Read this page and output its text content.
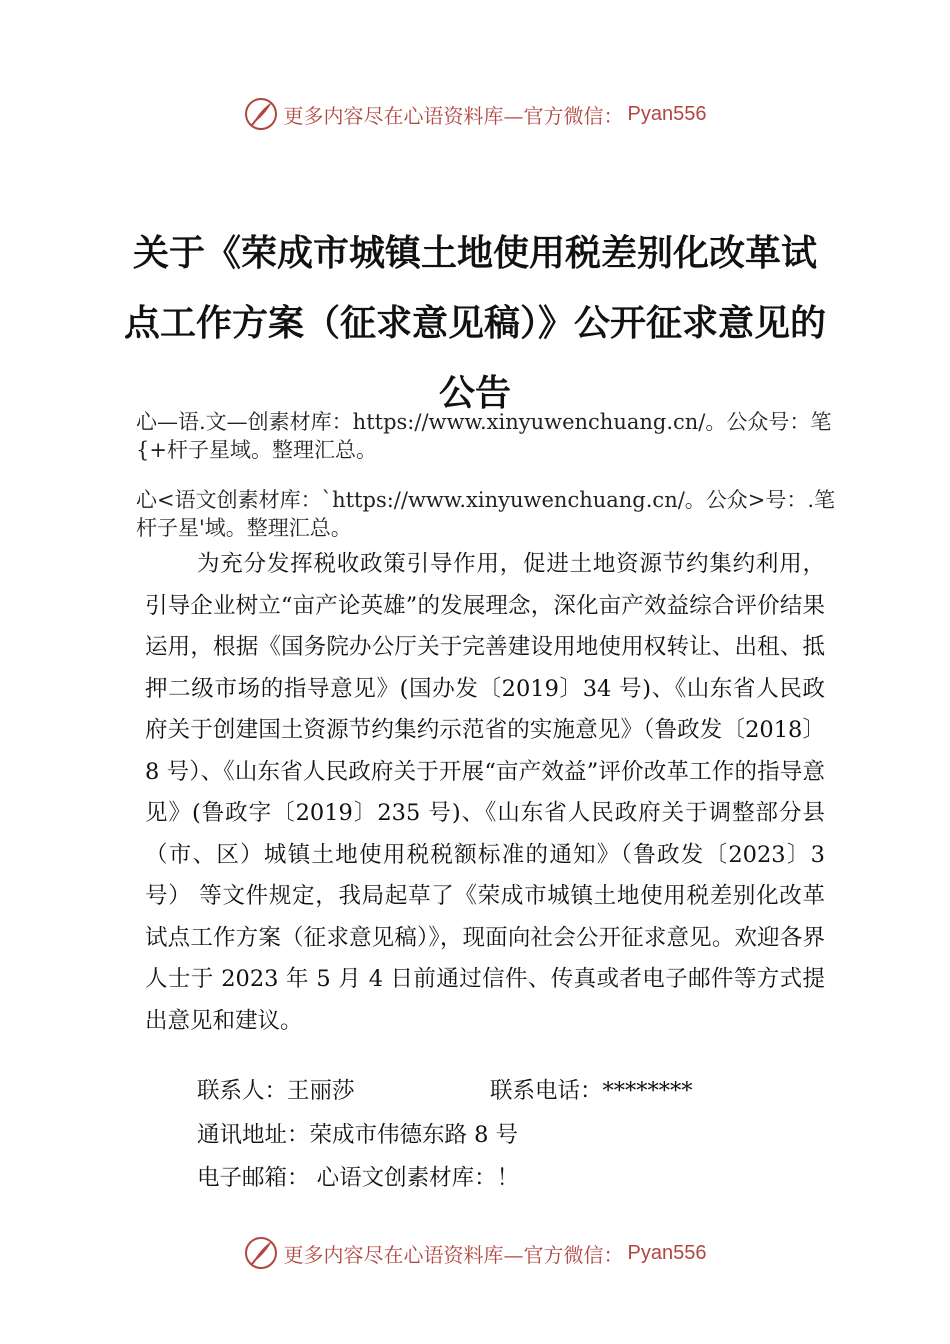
更多内容尽在心语资料库—官方微信： Pyan556
关于《荣成市城镇土地使用税差别化改革试点工作方案（征求意见稿）》公开征求意见的公告

心—语.文—创素材库：https://www.xinyuwenchuang.cn/。公众号：笔{+杆子星域。整理汇总。

心<语文创素材库：`https://www.xinyuwenchuang.cn/。公众>号：.笔杆子星'域。整理汇总。

为充分发挥税收政策引导作用，促进土地资源节约集约利用，引导企业树立“亩产论英雄”的发展理念，深化亩产效益综合评价结果运用，根据《国务院办公厅关于完善建设用地使用权转让、出租、抵押二级市场的指导意见》(国办发〔2019〕34 号)、《山东省人民政府关于创建国土资源节约集约示范省的实施意见》（鲁政发〔2018〕8 号）、《山东省人民政府关于开展“亩产效益”评价改革工作的指导意见》(鲁政字〔2019〕235 号)、《山东省人民政府关于调整部分县（市、区）城镇土地使用税税额标准的通知》（鲁政发〔2023〕3 号） 等文件规定，我局起草了《荣成市城镇土地使用税差别化改革试点工作方案（征求意见稿）》，现面向社会公开征求意见。欢迎各界人士于 2023 年 5 月 4 日前通过信件、传真或者电子邮件等方式提出意见和建议。

联系人：王丽莎	联系电话：********
通讯地址：荣成市伟德东路 8 号
电子邮箱： 心语文创素材库：！
更多内容尽在心语资料库—官方微信： Pyan556
